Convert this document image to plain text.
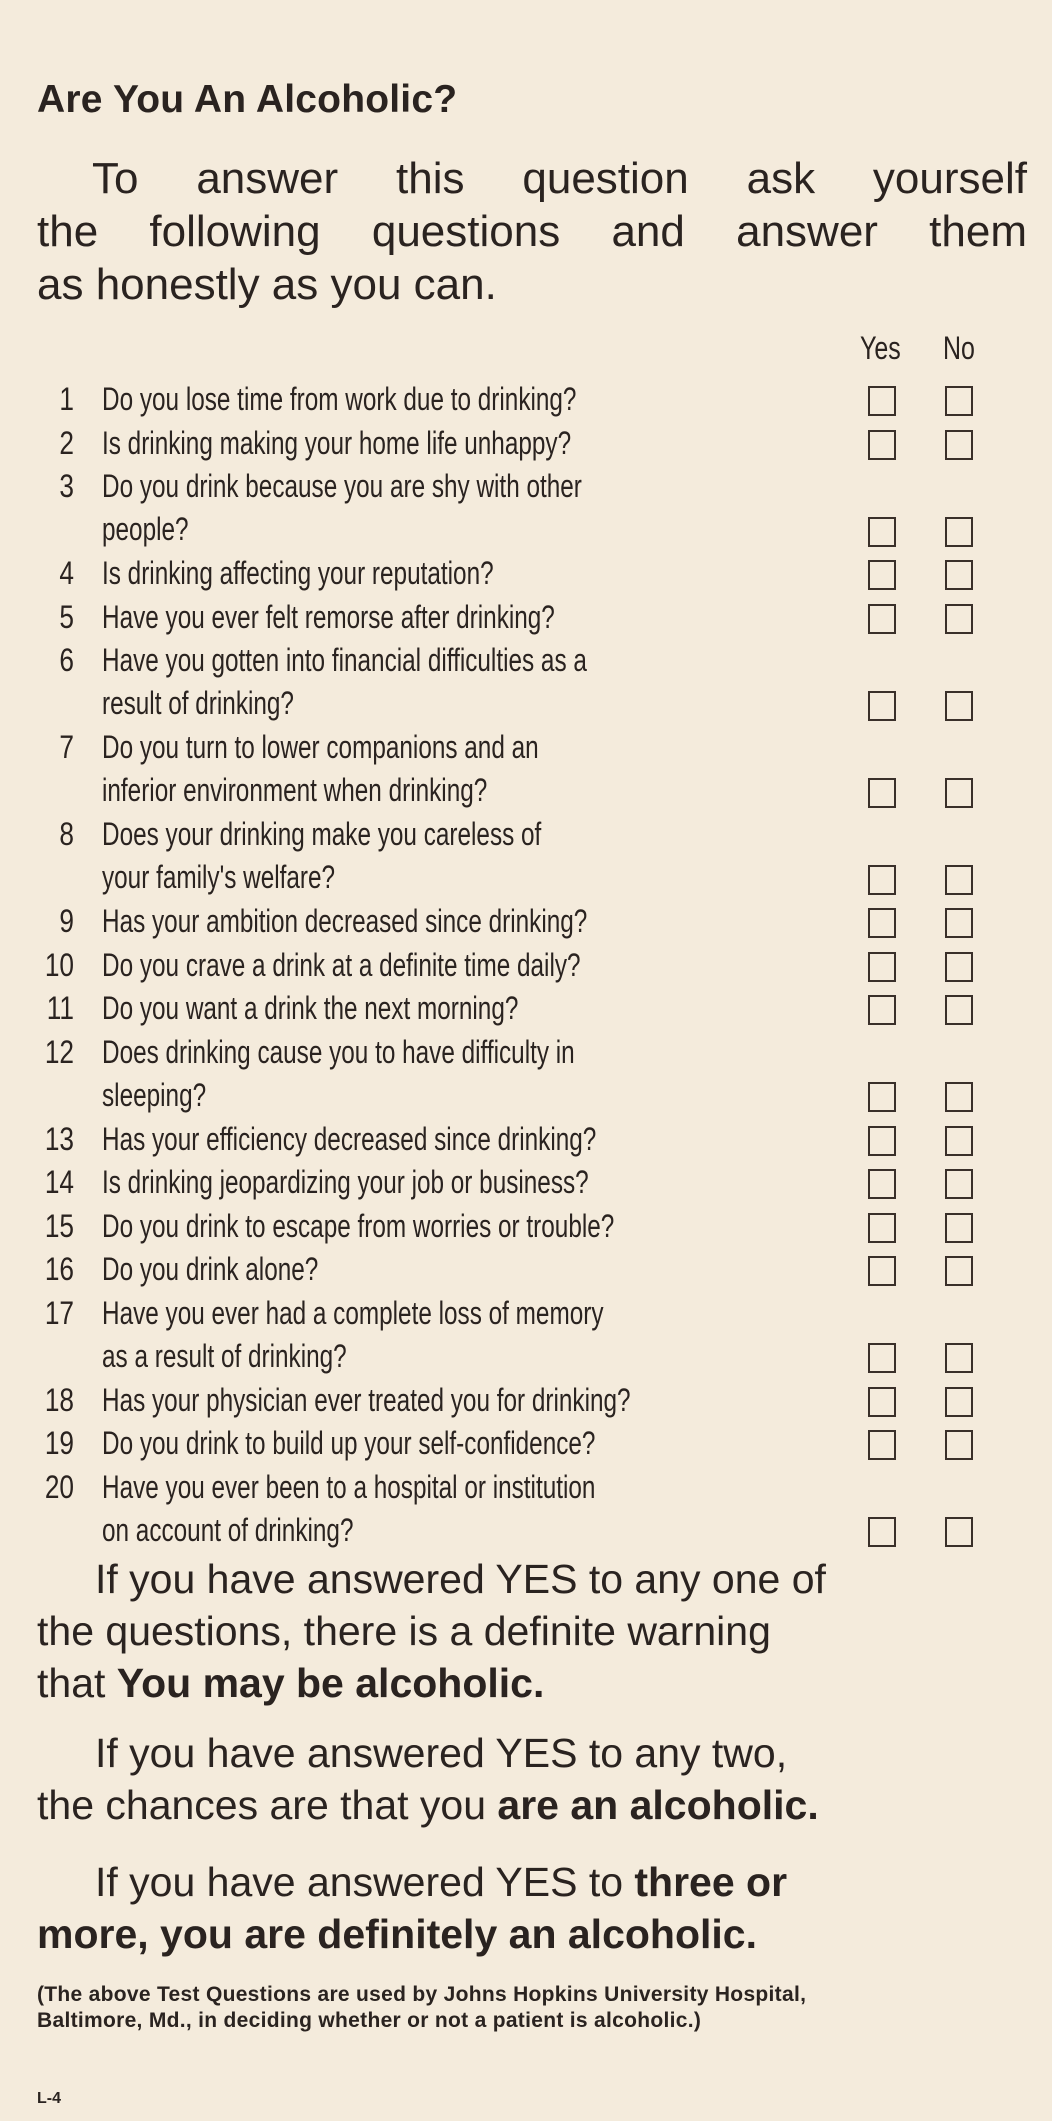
Are You An Alcoholic?
To answer this question ask yourself
the following questions and answer them
as honestly as you can.
Yes No
1 Do you lose time from work due to drinking?
2 Is drinking making your home life unhappy?
3 Do you drink because you are shy with other
people?
4 Is drinking affecting your reputation?
5 Have you ever felt remorse after drinking?
6 Have you gotten into financial difficulties as a
result of drinking?
7 Do you turn to lower companions and an
inferior environment when drinking?
8 Does your drinking make you careless of
your family's welfare?
9 Has your ambition decreased since drinking?
10 Do you crave a drink at a definite time daily?
11 Do you want a drink the next morning?
12 Does drinking cause you to have difficulty in
sleeping?
13 Has your efficiency decreased since drinking?
14 Is drinking jeopardizing your job or business?
15 Do you drink to escape from worries or trouble?
16 Do you drink alone?
17 Have you ever had a complete loss of memory
as a result of drinking?
18 Has your physician ever treated you for drinking?
19 Do you drink to build up your self-confidence?
20 Have you ever been to a hospital or institution
on account of drinking?
If you have answered YES to any one of
the questions, there is a definite warning
that You may be alcoholic.
If you have answered YES to any two,
the chances are that you are an alcoholic.
If you have answered YES to three or
more, you are definitely an alcoholic.
(The above Test Questions are used by Johns Hopkins University Hospital,
Baltimore, Md., in deciding whether or not a patient is alcoholic.)
L-4
